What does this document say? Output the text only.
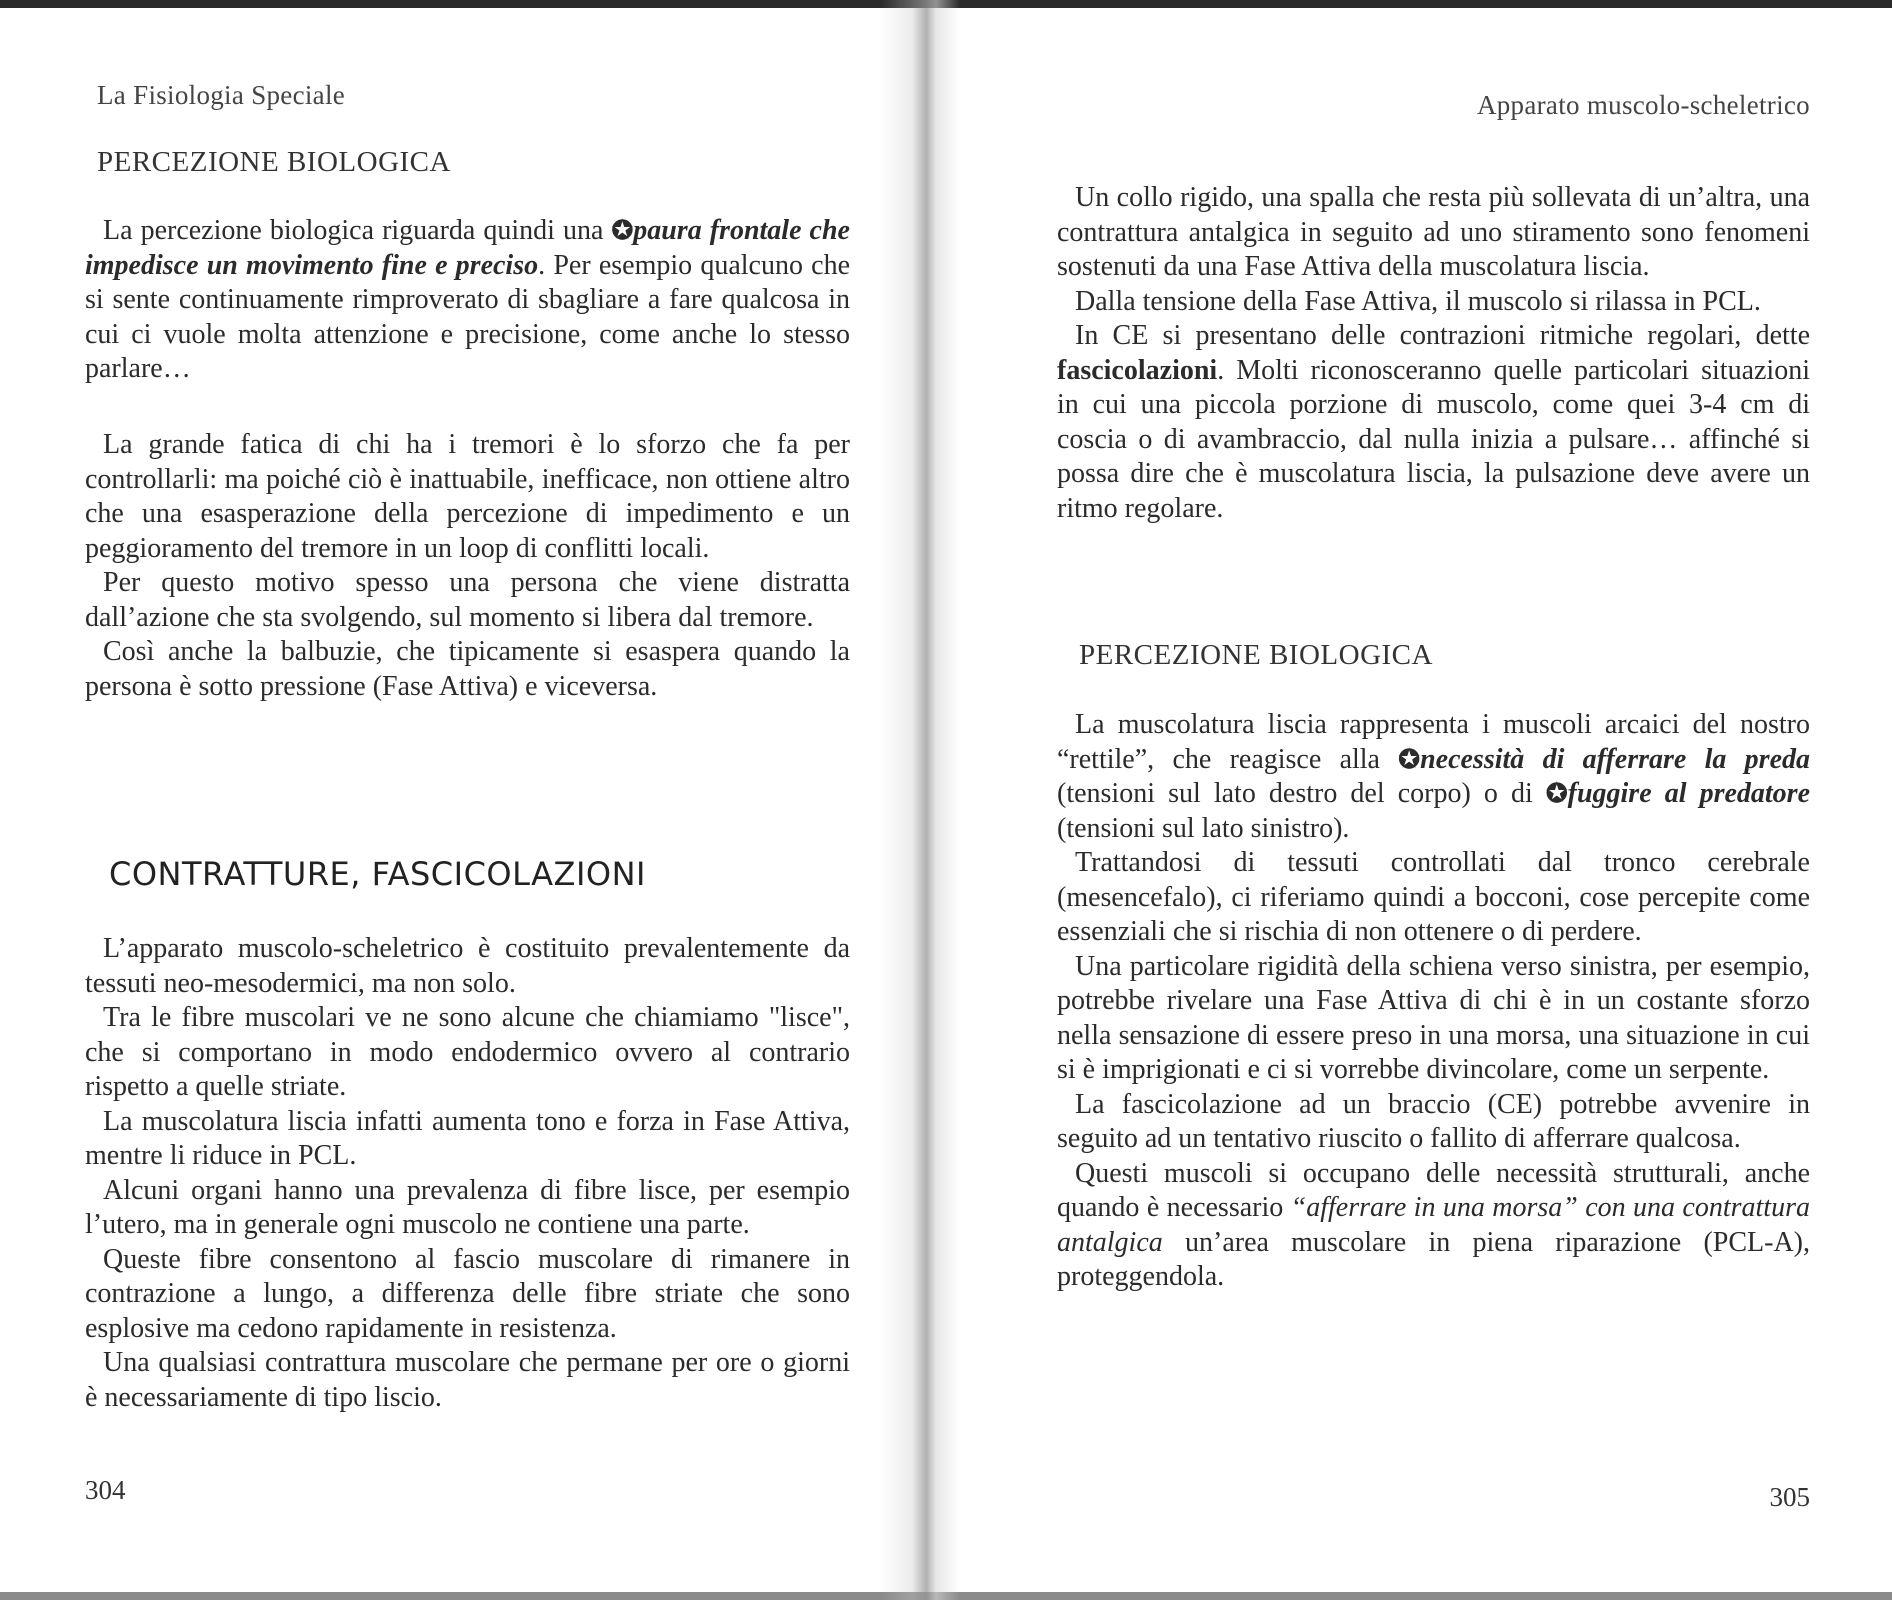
La Fisiologia Speciale
PERCEZIONE BIOLOGICA

La percezione biologica riguarda quindi una ✪paura frontale che impedisce un movimento fine e preciso. Per esempio qualcuno che si sente continuamente rimproverato di sbagliare a fare qualcosa in cui ci vuole molta attenzione e precisione, come anche lo stesso parlare…

La grande fatica di chi ha i tremori è lo sforzo che fa per controllarli: ma poiché ciò è inattuabile, inefficace, non ottiene altro che una esasperazione della percezione di impedimento e un peggioramento del tremore in un loop di conflitti locali.

Per questo motivo spesso una persona che viene distratta dall’azione che sta svolgendo, sul momento si libera dal tremore.

Così anche la balbuzie, che tipicamente si esaspera quando la persona è sotto pressione (Fase Attiva) e viceversa.

CONTRATTURE, FASCICOLAZIONI

L’apparato muscolo-scheletrico è costituito prevalentemente da tessuti neo-mesodermici, ma non solo.

Tra le fibre muscolari ve ne sono alcune che chiamiamo "lisce", che si comportano in modo endodermico ovvero al contrario rispetto a quelle striate.

La muscolatura liscia infatti aumenta tono e forza in Fase Attiva, mentre li riduce in PCL.

Alcuni organi hanno una prevalenza di fibre lisce, per esempio l’utero, ma in generale ogni muscolo ne contiene una parte.

Queste fibre consentono al fascio muscolare di rimanere in contrazione a lungo, a differenza delle fibre striate che sono esplosive ma cedono rapidamente in resistenza.

Una qualsiasi contrattura muscolare che permane per ore o giorni è necessariamente di tipo liscio.

304
Apparato muscolo-scheletrico

Un collo rigido, una spalla che resta più sollevata di un’altra, una contrattura antalgica in seguito ad uno stiramento sono fenomeni sostenuti da una Fase Attiva della muscolatura liscia.

Dalla tensione della Fase Attiva, il muscolo si rilassa in PCL.

In CE si presentano delle contrazioni ritmiche regolari, dette fascicolazioni. Molti riconosceranno quelle particolari situazioni in cui una piccola porzione di muscolo, come quei 3-4 cm di coscia o di avambraccio, dal nulla inizia a pulsare… affinché si possa dire che è muscolatura liscia, la pulsazione deve avere un ritmo regolare.

PERCEZIONE BIOLOGICA

La muscolatura liscia rappresenta i muscoli arcaici del nostro “rettile”, che reagisce alla ✪necessità di afferrare la preda (tensioni sul lato destro del corpo) o di ✪fuggire al predatore (tensioni sul lato sinistro).

Trattandosi di tessuti controllati dal tronco cerebrale (mesencefalo), ci riferiamo quindi a bocconi, cose percepite come essenziali che si rischia di non ottenere o di perdere.

Una particolare rigidità della schiena verso sinistra, per esempio, potrebbe rivelare una Fase Attiva di chi è in un costante sforzo nella sensazione di essere preso in una morsa, una situazione in cui si è imprigionati e ci si vorrebbe divincolare, come un serpente.

La fascicolazione ad un braccio (CE) potrebbe avvenire in seguito ad un tentativo riuscito o fallito di afferrare qualcosa.

Questi muscoli si occupano delle necessità strutturali, anche quando è necessario “afferrare in una morsa” con una contrattura antalgica un’area muscolare in piena riparazione (PCL-A), proteggendola.

305
